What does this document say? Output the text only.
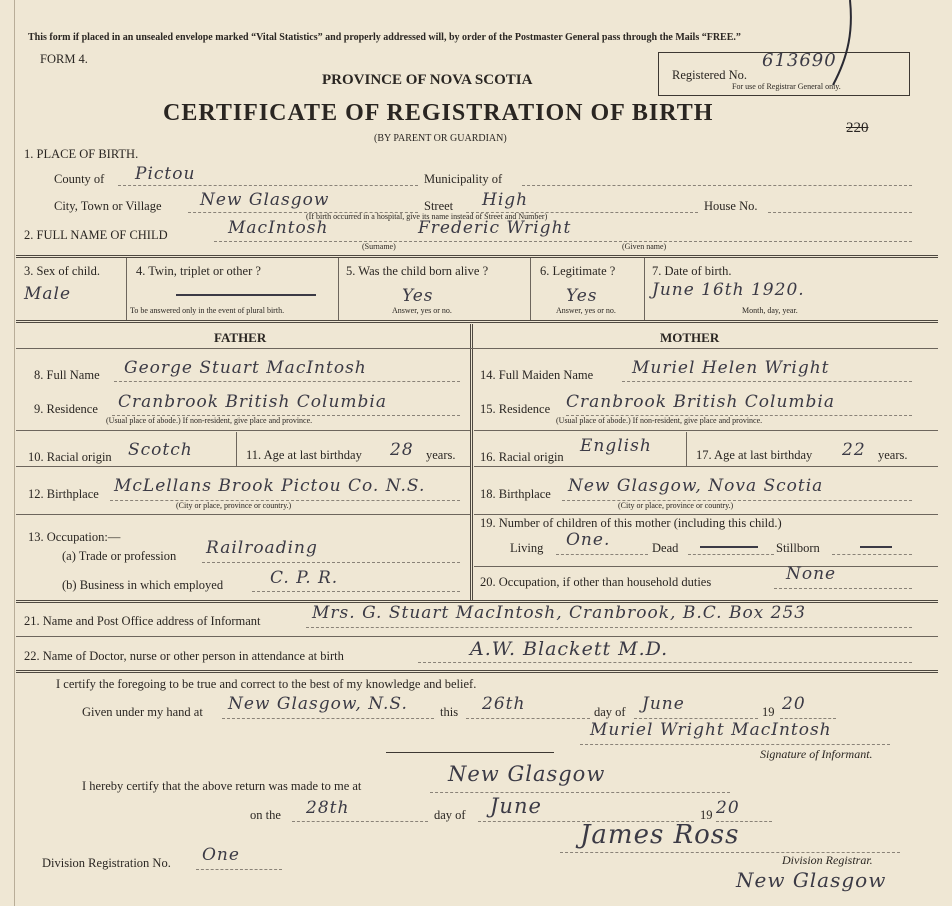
This form if placed in an unsealed envelope marked “Vital Statistics” and properly addressed will, by order of the Postmaster General pass through the Mails “FREE.”
FORM 4.
PROVINCE OF NOVA SCOTIA
CERTIFICATE OF REGISTRATION OF BIRTH
(BY PARENT OR GUARDIAN)
Registered No.
613690
For use of Registrar General only.
220
1. PLACE OF BIRTH.
County of Pictou	Municipality of
City, Town or Village New Glasgow	Street High	House No.
(If birth occurred in a hospital, give its name instead of Street and Number)
2. FULL NAME OF CHILD	MacIntosh	Frederic Wright
(Surname)	(Given name)
3. Sex of child.
Male
4. Twin, triplet or other ?
To be answered only in the event of plural birth.
5. Was the child born alive ?
Yes
Answer, yes or no.
6. Legitimate ?
Yes
Answer, yes or no.
7. Date of birth.
June 16th 1920.
Month, day, year.
FATHER	MOTHER
8. Full Name George Stuart MacIntosh
9. Residence Cranbrook British Columbia
(Usual place of abode.) If non-resident, give place and province.
10. Racial origin Scotch	11. Age at last birthday 28 years.
12. Birthplace McLellans Brook Pictou Co. N.S.
(City or place, province or country.)
13. Occupation:—
(a) Trade or profession Railroading
(b) Business in which employed	C. P. R.
14. Full Maiden Name Muriel Helen Wright
15. Residence Cranbrook British Columbia
(Usual place of abode.) If non-resident, give place and province.
16. Racial origin
English	17. Age at last birthday 22 years.
18. Birthplace New Glasgow, Nova Scotia
(City or place, province or country.)
19. Number of children of this mother (including this child.)
Living One.	Dead	Stillborn
20. Occupation, if other than household duties	None
21. Name and Post Office address of Informant	Mrs. G. Stuart MacIntosh, Cranbrook, B.C. Box 253
22. Name of Doctor, nurse or other person in attendance at birth	A.W. Blackett M.D.
I certify the foregoing to be true and correct to the best of my knowledge and belief.
Given under my hand at New Glasgow, N.S.	this 26th	day of June	19 20
Muriel Wright MacIntosh
Signature of Informant.
I hereby certify that the above return was made to me at	New Glasgow
on the 28th	day of June	19 20
Division Registration No. One
James Ross
Division Registrar.
New Glasgow
